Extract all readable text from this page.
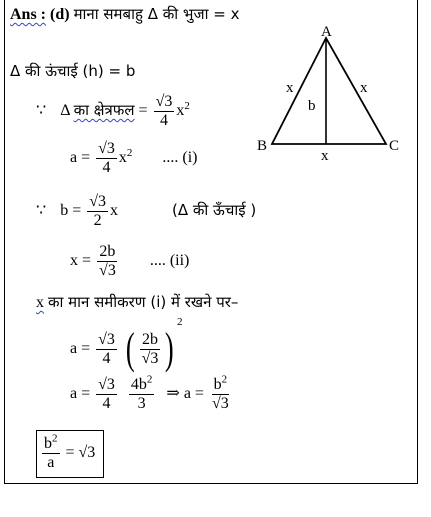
Ans : (d) माना समबाहु Δ की भुजा = x
A
B	C
x	x
x
b
Δ की ऊंचाई (h) = b
∵ Δ का क्षेत्रफल = $\frac{√3}{4} x^2$
$a = \frac{√3}{4} x^2$ .... (i)
∵ $b = \frac{√3}{2}$ x	(Δ की ऊँचाई )
$x = \frac{2b}{√3}$ .... (ii)
x का मान समीकरण (i) में रखने पर–
$a = \frac{√3}{4}$ ( $\frac{2b}{√3} )^2$
$a = \frac{√3}{4}$
$\frac{4b^2}{3}$ ⇒ $a = \frac{b^2}{√3}$
$\frac{b^2}{a} = √3$
